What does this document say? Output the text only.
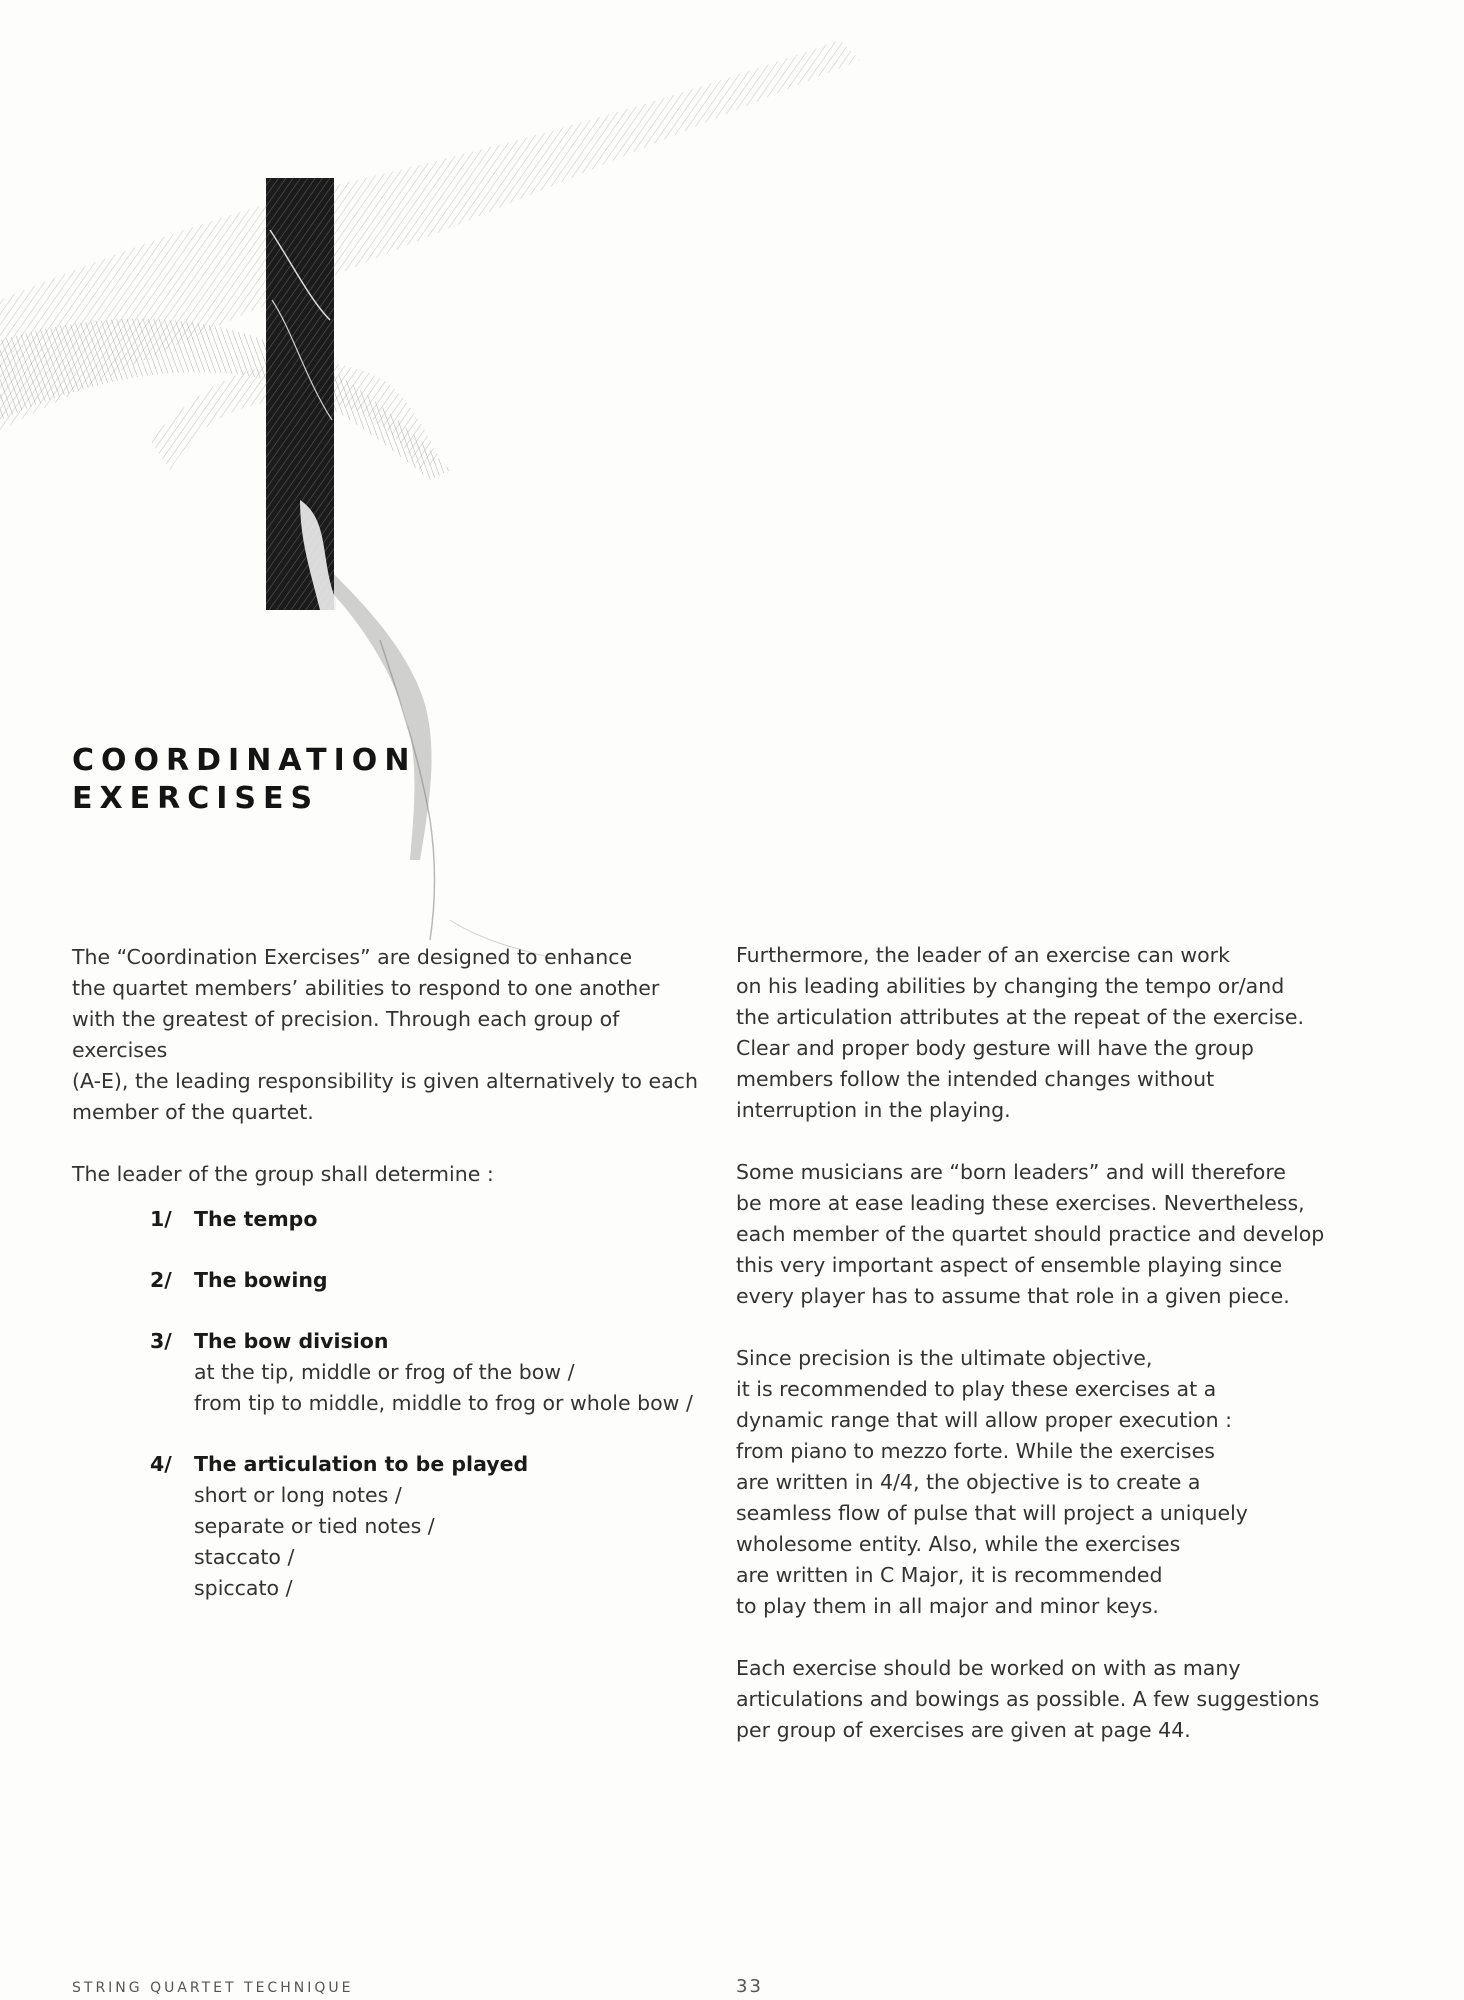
COORDINATION
EXERCISES

The “Coordination Exercises” are designed to enhance
the quartet members’ abilities to respond to one another
with the greatest of precision. Through each group of exercises
(A-E), the leading responsibility is given alternatively to each
member of the quartet.

The leader of the group shall determine :

1/	The tempo
2/	The bowing
3/	The bow division
at the tip, middle or frog of the bow /
from tip to middle, middle to frog or whole bow /
4/	The articulation to be played
short or long notes /
separate or tied notes /
staccato /
spiccato /

Furthermore, the leader of an exercise can work
on his leading abilities by changing the tempo or/and
the articulation attributes at the repeat of the exercise.
Clear and proper body gesture will have the group
members follow the intended changes without
interruption in the playing.

Some musicians are “born leaders” and will therefore
be more at ease leading these exercises. Nevertheless,
each member of the quartet should practice and develop
this very important aspect of ensemble playing since
every player has to assume that role in a given piece.

Since precision is the ultimate objective,
it is recommended to play these exercises at a
dynamic range that will allow proper execution :
from piano to mezzo forte. While the exercises
are written in 4/4, the objective is to create a
seamless flow of pulse that will project a uniquely
wholesome entity. Also, while the exercises
are written in C Major, it is recommended
to play them in all major and minor keys.

Each exercise should be worked on with as many
articulations and bowings as possible. A few suggestions
per group of exercises are given at page 44.

STRING QUARTET TECHNIQUE	33
